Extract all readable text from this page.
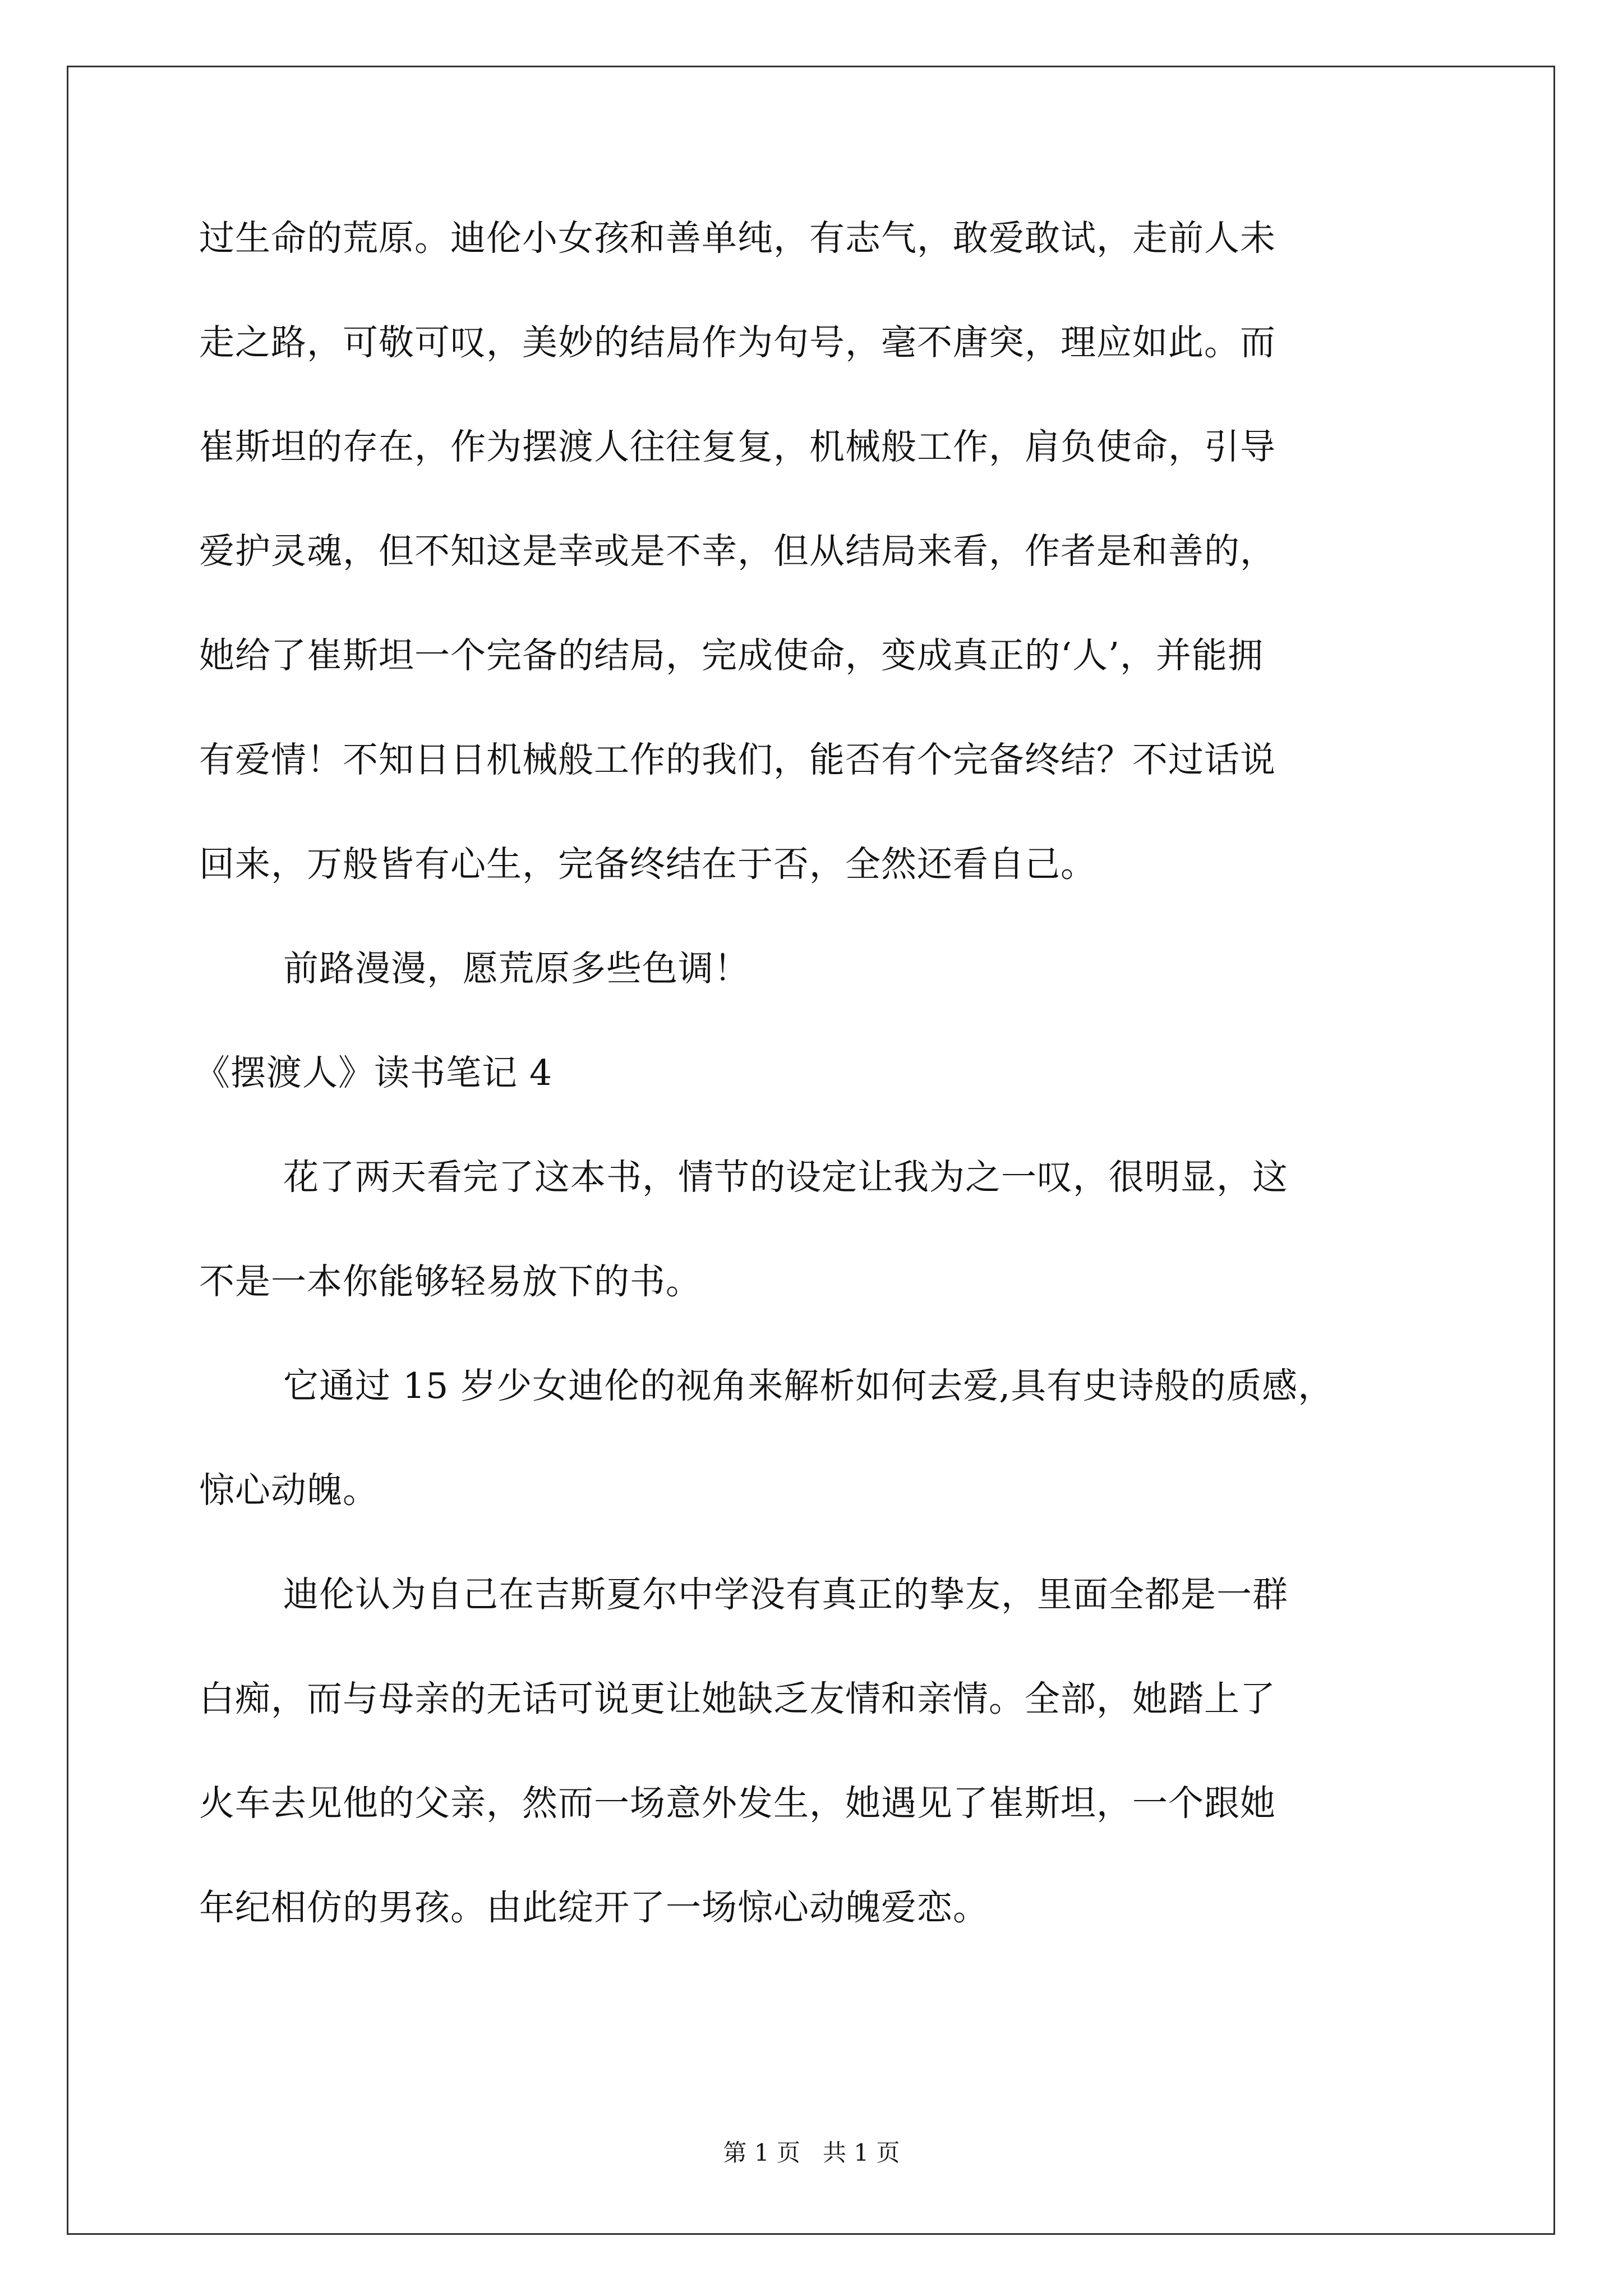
过生命的荒原。迪伦小女孩和善单纯，有志气，敢爱敢试，走前人未
走之路，可敬可叹，美妙的结局作为句号，毫不唐突，理应如此。而
崔斯坦的存在，作为摆渡人往往复复，机械般工作，肩负使命，引导
爱护灵魂，但不知这是幸或是不幸，但从结局来看，作者是和善的，
她给了崔斯坦一个完备的结局，完成使命，变成真正的‘人’，并能拥
有爱情！不知日日机械般工作的我们，能否有个完备终结？不过话说
回来，万般皆有心生，完备终结在于否，全然还看自己。
前路漫漫，愿荒原多些色调！
《摆渡人》读书笔记 4
花了两天看完了这本书，情节的设定让我为之一叹，很明显，这
不是一本你能够轻易放下的书。
它通过 15 岁少女迪伦的视角来解析如何去爱,具有史诗般的质感，
惊心动魄。
迪伦认为自己在吉斯夏尔中学没有真正的挚友，里面全都是一群
白痴，而与母亲的无话可说更让她缺乏友情和亲情。全部，她踏上了
火车去见他的父亲，然而一场意外发生，她遇见了崔斯坦，一个跟她
年纪相仿的男孩。由此绽开了一场惊心动魄爱恋。
第 1 页   共 1 页
